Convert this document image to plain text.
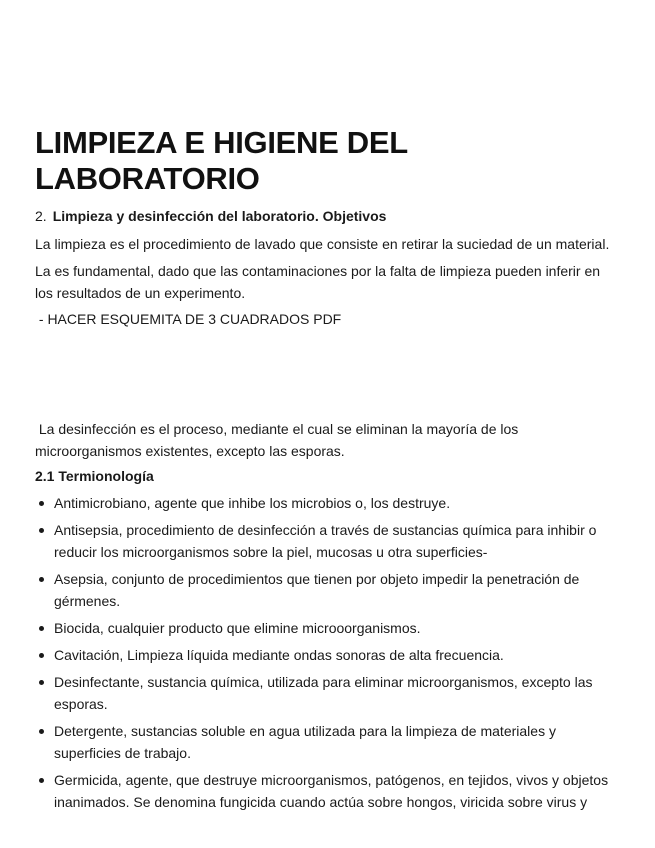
LIMPIEZA E HIGIENE DEL LABORATORIO
2. Limpieza y desinfección del laboratorio. Objetivos
La limpieza es el procedimiento de lavado que consiste en retirar la suciedad de un material.
La es fundamental, dado que las contaminaciones por la falta de limpieza pueden inferir en los resultados de un experimento.
- HACER ESQUEMITA DE 3 CUADRADOS PDF
La desinfección es el proceso, mediante el cual se eliminan la mayoría de los microorganismos existentes, excepto las esporas.
2.1 Termionología
Antimicrobiano, agente que inhibe los microbios o, los destruye.
Antisepsia, procedimiento de desinfección a través de sustancias química para inhibir o reducir los microorganismos sobre la piel, mucosas u otra superficies-
Asepsia, conjunto de procedimientos que tienen por objeto impedir la penetración de gérmenes.
Biocida, cualquier producto que elimine microoorganismos.
Cavitación, Limpieza líquida mediante ondas sonoras de alta frecuencia.
Desinfectante, sustancia química, utilizada para eliminar microorganismos, excepto las esporas.
Detergente, sustancias soluble en agua utilizada para la limpieza de materiales y superficies de trabajo.
Germicida, agente, que destruye microorganismos, patógenos, en tejidos, vivos y objetos inanimados. Se denomina fungicida cuando actúa sobre hongos, viricida sobre virus y
